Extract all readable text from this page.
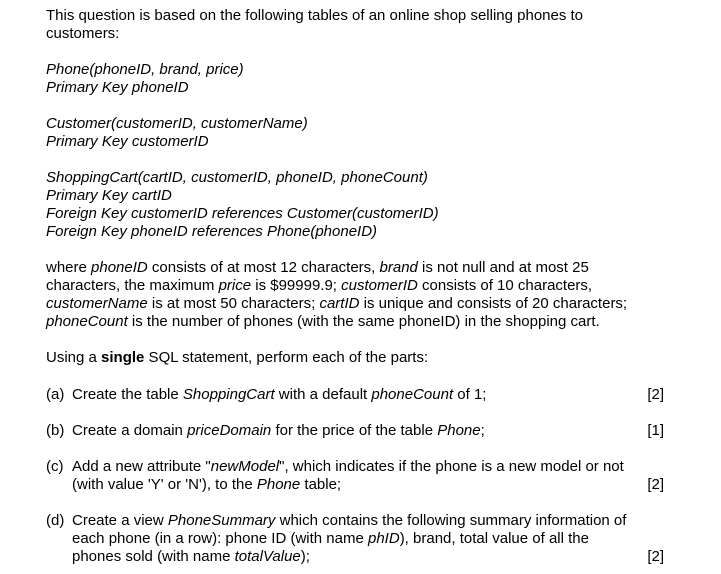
This question is based on the following tables of an online shop selling phones to
customers:
Phone(phoneID, brand, price)
Primary Key phoneID
Customer(customerID, customerName)
Primary Key customerID
ShoppingCart(cartID, customerID, phoneID, phoneCount)
Primary Key cartID
Foreign Key customerID references Customer(customerID)
Foreign Key phoneID references Phone(phoneID)
where phoneID consists of at most 12 characters, brand is not null and at most 25
characters, the maximum price is $99999.9; customerID consists of 10 characters,
customerName is at most 50 characters; cartID is unique and consists of 20 characters;
phoneCount is the number of phones (with the same phoneID) in the shopping cart.
Using a single SQL statement, perform each of the parts:
(a) Create the table ShoppingCart with a default phoneCount of 1;	[2]
(b) Create a domain priceDomain for the price of the table Phone;	[1]
(c) Add a new attribute "newModel", which indicates if the phone is a new model or not
(with value 'Y' or 'N'), to the Phone table;	[2]
(d) Create a view PhoneSummary which contains the following summary information of
each phone (in a row): phone ID (with name phID), brand, total value of all the
phones sold (with name totalValue);	[2]
